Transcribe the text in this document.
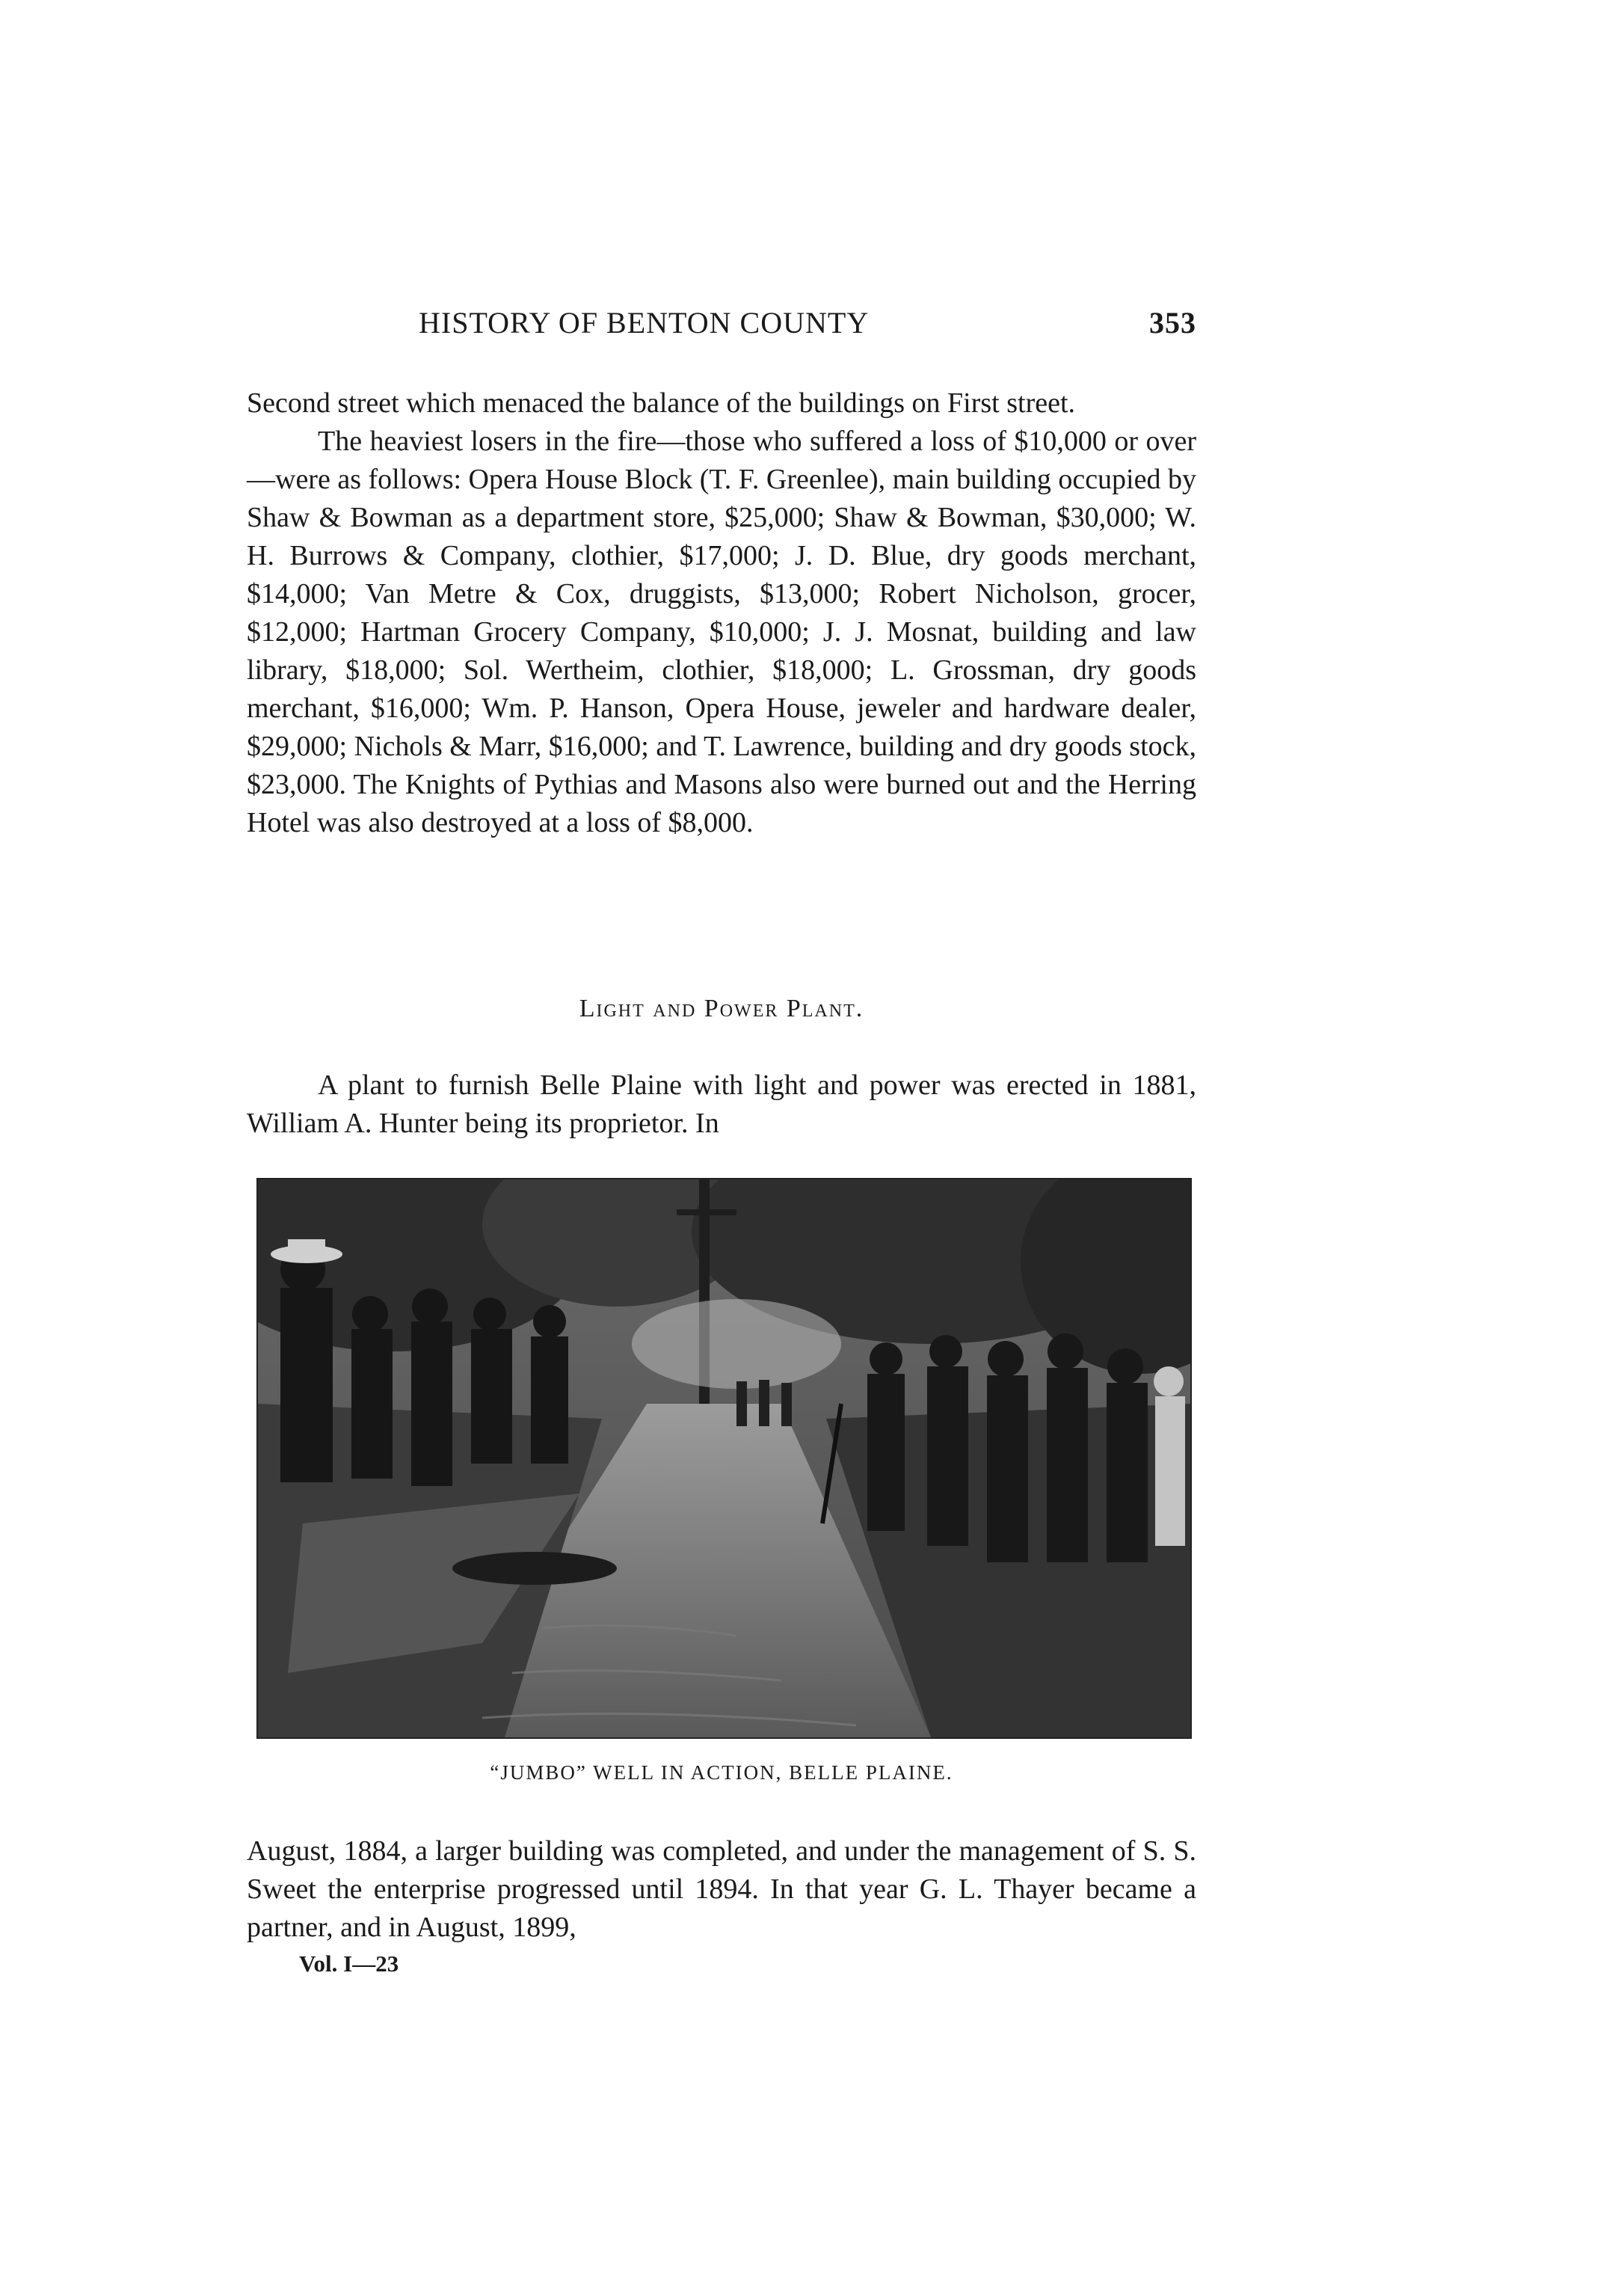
HISTORY OF BENTON COUNTY	353

Second street which menaced the balance of the buildings on First street.

The heaviest losers in the fire—those who suffered a loss of $10,000 or over—were as follows: Opera House Block (T. F. Greenlee), main building occupied by Shaw & Bowman as a department store, $25,000; Shaw & Bowman, $30,000; W. H. Burrows & Company, clothier, $17,000; J. D. Blue, dry goods merchant, $14,000; Van Metre & Cox, druggists, $13,000; Robert Nicholson, grocer, $12,000; Hartman Grocery Company, $10,000; J. J. Mosnat, building and law library, $18,000; Sol. Wertheim, clothier, $18,000; L. Grossman, dry goods merchant, $16,000; Wm. P. Hanson, Opera House, jeweler and hardware dealer, $29,000; Nichols & Marr, $16,000; and T. Lawrence, building and dry goods stock, $23,000. The Knights of Pythias and Masons also were burned out and the Herring Hotel was also destroyed at a loss of $8,000.

Light and Power Plant.

A plant to furnish Belle Plaine with light and power was erected in 1881, William A. Hunter being its proprietor. In

“JUMBO” WELL IN ACTION, BELLE PLAINE.

August, 1884, a larger building was completed, and under the management of S. S. Sweet the enterprise progressed until 1894. In that year G. L. Thayer became a partner, and in August, 1899,

Vol. I—23
